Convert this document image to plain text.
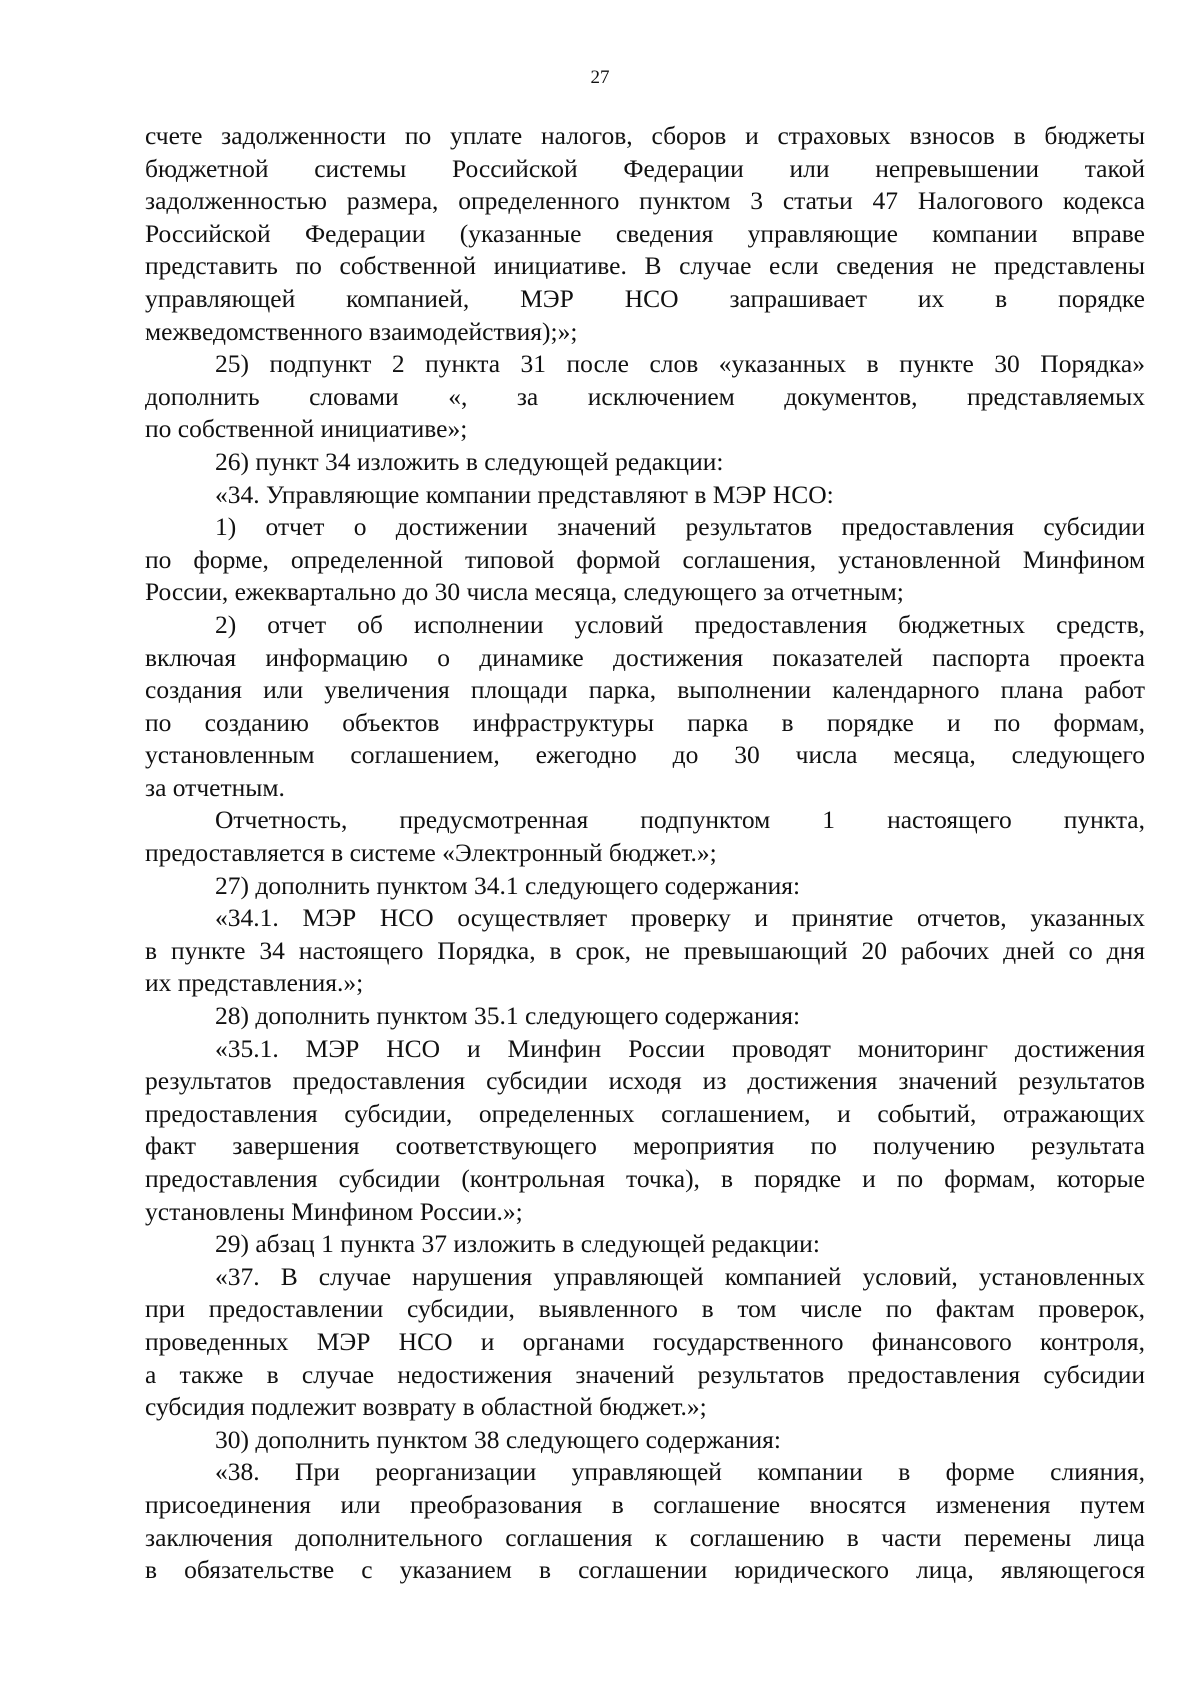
27

счете задолженности по уплате налогов, сборов и страховых взносов в бюджеты

бюджетной системы Российской Федерации или непревышении такой

задолженностью размера, определенного пунктом 3 статьи 47 Налогового кодекса

Российской Федерации (указанные сведения управляющие компании вправе

представить по собственной инициативе. В случае если сведения не представлены

управляющей компанией, МЭР НСО запрашивает их в порядке

межведомственного взаимодействия);»;

25) подпункт 2 пункта 31 после слов «указанных в пункте 30 Порядка»

дополнить словами «, за исключением документов, представляемых

по собственной инициативе»;

26) пункт 34 изложить в следующей редакции:

«34. Управляющие компании представляют в МЭР НСО:

1) отчет о достижении значений результатов предоставления субсидии

по форме, определенной типовой формой соглашения, установленной Минфином

России, ежеквартально до 30 числа месяца, следующего за отчетным;

2) отчет об исполнении условий предоставления бюджетных средств,

включая информацию о динамике достижения показателей паспорта проекта

создания или увеличения площади парка, выполнении календарного плана работ

по созданию объектов инфраструктуры парка в порядке и по формам,

установленным соглашением, ежегодно до 30 числа месяца, следующего

за отчетным.

Отчетность, предусмотренная подпунктом 1 настоящего пункта,

предоставляется в системе «Электронный бюджет.»;

27) дополнить пунктом 34.1 следующего содержания:

«34.1. МЭР НСО осуществляет проверку и принятие отчетов, указанных

в пункте 34 настоящего Порядка, в срок, не превышающий 20 рабочих дней со дня

их представления.»;

28) дополнить пунктом 35.1 следующего содержания:

«35.1. МЭР НСО и Минфин России проводят мониторинг достижения

результатов предоставления субсидии исходя из достижения значений результатов

предоставления субсидии, определенных соглашением, и событий, отражающих

факт завершения соответствующего мероприятия по получению результата

предоставления субсидии (контрольная точка), в порядке и по формам, которые

установлены Минфином России.»;

29) абзац 1 пункта 37 изложить в следующей редакции:

«37. В случае нарушения управляющей компанией условий, установленных

при предоставлении субсидии, выявленного в том числе по фактам проверок,

проведенных МЭР НСО и органами государственного финансового контроля,

а также в случае недостижения значений результатов предоставления субсидии

субсидия подлежит возврату в областной бюджет.»;

30) дополнить пунктом 38 следующего содержания:

«38. При реорганизации управляющей компании в форме слияния,

присоединения или преобразования в соглашение вносятся изменения путем

заключения дополнительного соглашения к соглашению в части перемены лица

в обязательстве с указанием в соглашении юридического лица, являющегося
